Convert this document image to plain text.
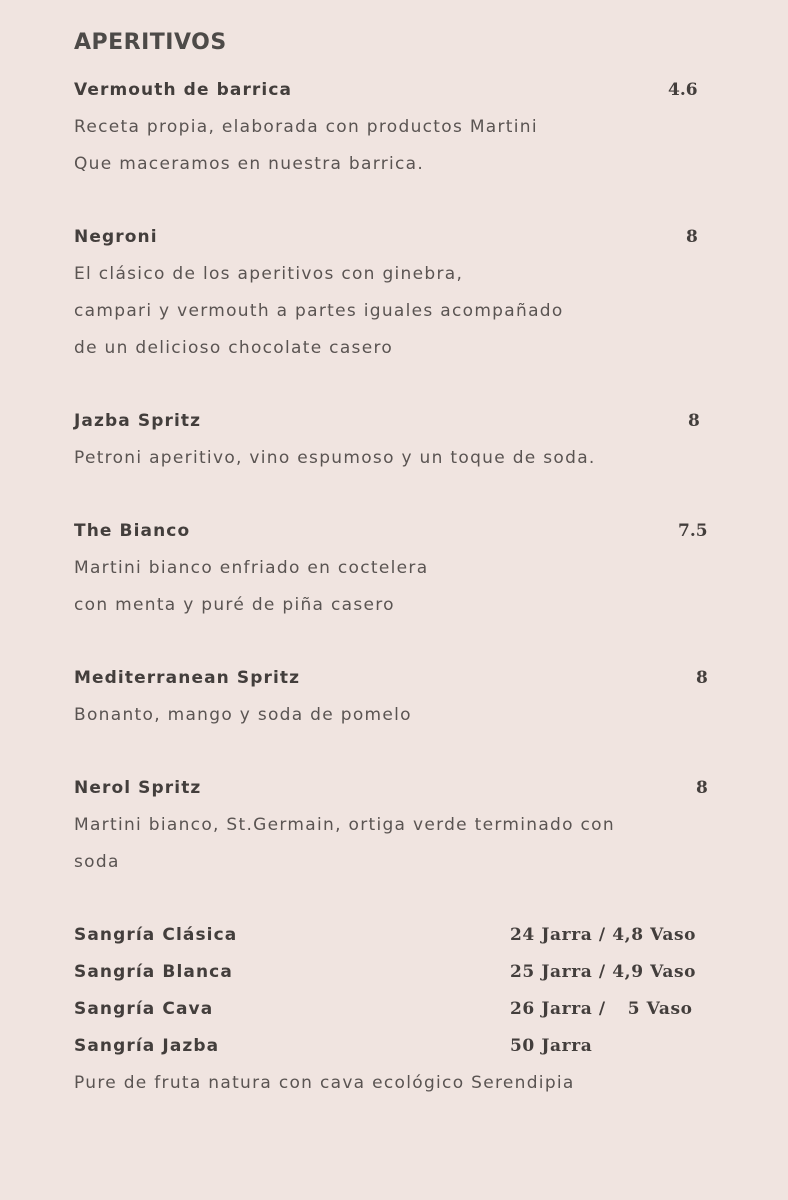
APERITIVOS
Vermouth de barrica	4.6
Receta propia, elaborada con productos Martini
Que maceramos en nuestra barrica.
Negroni	8
El clásico de los aperitivos con ginebra,
campari y vermouth a partes iguales acompañado
de un delicioso chocolate casero
Jazba Spritz	8
Petroni aperitivo, vino espumoso y un toque de soda.
The Bianco	7.5
Martini bianco enfriado en coctelera
con menta y puré de piña casero
Mediterranean Spritz	8
Bonanto, mango y soda de pomelo
Nerol Spritz	8
Martini bianco, St.Germain, ortiga verde terminado con
soda
Sangría Clásica	24 Jarra / 4,8 Vaso
Sangría Blanca	25 Jarra / 4,9 Vaso
Sangría Cava	26 Jarra / 5 Vaso
Sangría Jazba	50 Jarra
Pure de fruta natura con cava ecológico Serendipia
